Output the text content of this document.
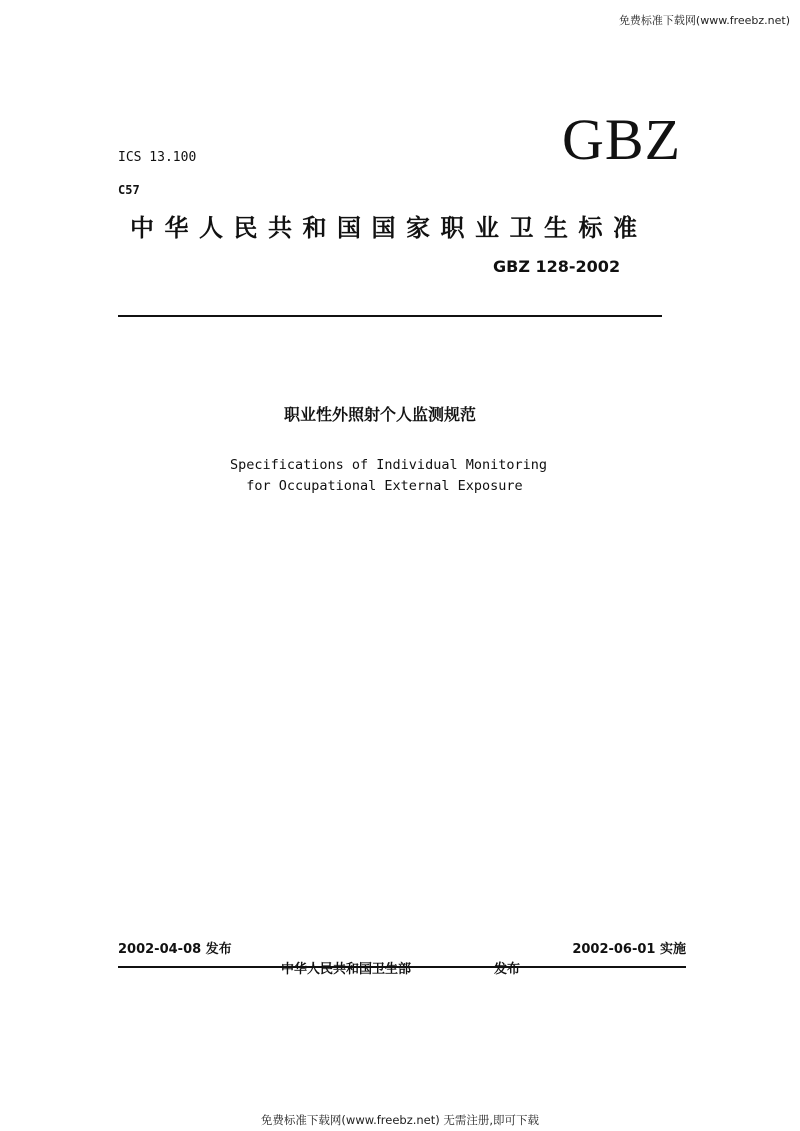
免费标准下载网(www.freebz.net)
ICS 13.100	GBZ
C57
中华人民共和国国家职业卫生标准
GBZ 128-2002
职业性外照射个人监测规范
Specifications of Individual Monitoring
for Occupational External Exposure
2002-04-08 发布	2002-06-01 实施
中华人民共和国卫生部	发布
免费标准下载网(www.freebz.net) 无需注册,即可下载
